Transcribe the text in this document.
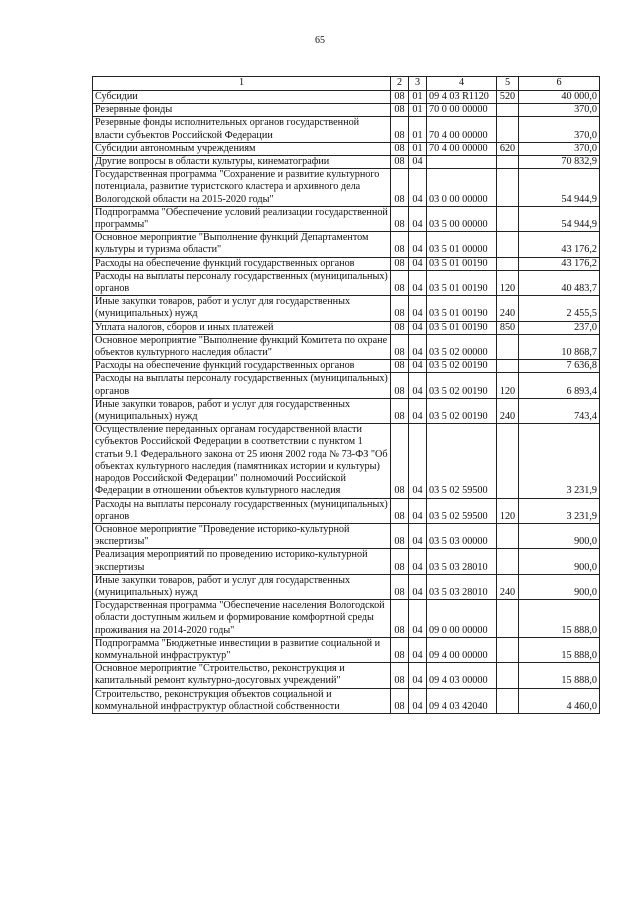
65
1	2	3	4	5	6
Субсидии	08	01	09 4 03 R1120	520	40 000,0
Резервные фонды	08	01	70 0 00 00000		370,0
Резервные фонды исполнительных органов государственной власти субъектов Российской Федерации	08	01	70 4 00 00000		370,0
Субсидии автономным учреждениям	08	01	70 4 00 00000	620	370,0
Другие вопросы в области культуры, кинематографии	08	04			70 832,9
Государственная программа "Сохранение и развитие культурного потенциала, развитие туристского кластера и архивного дела Вологодской области на 2015-2020 годы"	08	04	03 0 00 00000		54 944,9
Подпрограмма "Обеспечение условий реализации государственной программы"	08	04	03 5 00 00000		54 944,9
Основное мероприятие "Выполнение функций Департаментом культуры и туризма области"	08	04	03 5 01 00000		43 176,2
Расходы на обеспечение функций государственных органов	08	04	03 5 01 00190		43 176,2
Расходы на выплаты персоналу государственных (муниципальных) органов	08	04	03 5 01 00190	120	40 483,7
Иные закупки товаров, работ и услуг для государственных (муниципальных) нужд	08	04	03 5 01 00190	240	2 455,5
Уплата налогов, сборов и иных платежей	08	04	03 5 01 00190	850	237,0
Основное мероприятие "Выполнение функций Комитета по охране объектов культурного наследия области"	08	04	03 5 02 00000		10 868,7
Расходы на обеспечение функций государственных органов	08	04	03 5 02 00190		7 636,8
Расходы на выплаты персоналу государственных (муниципальных) органов	08	04	03 5 02 00190	120	6 893,4
Иные закупки товаров, работ и услуг для государственных (муниципальных) нужд	08	04	03 5 02 00190	240	743,4
Осуществление переданных органам государственной власти субъектов Российской Федерации в соответствии с пунктом 1 статьи 9.1 Федерального закона от 25 июня 2002 года № 73-ФЗ "Об объектах культурного наследия (памятниках истории и культуры) народов Российской Федерации" полномочий Российской Федерации в отношении объектов культурного наследия	08	04	03 5 02 59500		3 231,9
Расходы на выплаты персоналу государственных (муниципальных) органов	08	04	03 5 02 59500	120	3 231,9
Основное мероприятие "Проведение историко-культурной экспертизы"	08	04	03 5 03 00000		900,0
Реализация мероприятий по проведению историко-культурной экспертизы	08	04	03 5 03 28010		900,0
Иные закупки товаров, работ и услуг для государственных (муниципальных) нужд	08	04	03 5 03 28010	240	900,0
Государственная программа "Обеспечение населения Вологодской области доступным жильем и формирование комфортной среды проживания на 2014-2020 годы"	08	04	09 0 00 00000		15 888,0
Подпрограмма "Бюджетные инвестиции в развитие социальной и коммунальной инфраструктур"	08	04	09 4 00 00000		15 888,0
Основное мероприятие "Строительство, реконструкция и капитальный ремонт культурно-досуговых учреждений"	08	04	09 4 03 00000		15 888,0
Строительство, реконструкция объектов социальной и коммунальной инфраструктур областной собственности	08	04	09 4 03 42040		4 460,0
